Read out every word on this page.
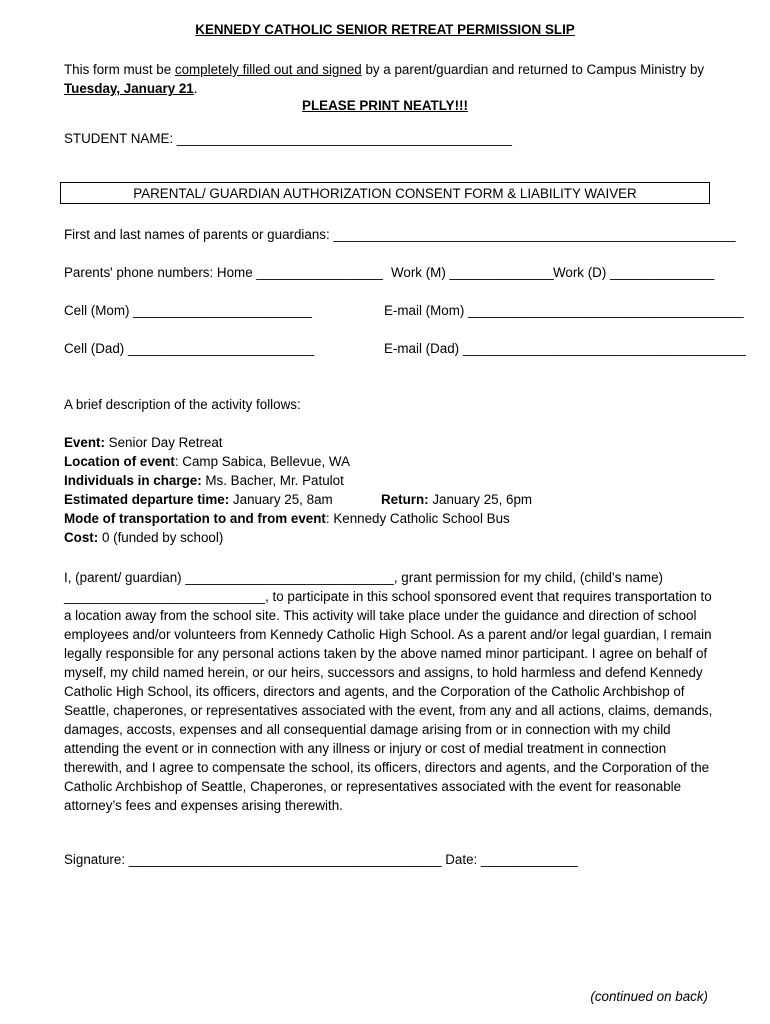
KENNEDY CATHOLIC SENIOR RETREAT PERMISSION SLIP
This form must be completely filled out and signed by a parent/guardian and returned to Campus Ministry by Tuesday, January 21.
PLEASE PRINT NEATLY!!!
STUDENT NAME: _____________________________________________
PARENTAL/ GUARDIAN AUTHORIZATION CONSENT FORM & LIABILITY WAIVER
First and last names of parents or guardians: ______________________________________________________
Parents' phone numbers: Home _________________ Work (M) ______________ Work (D) ______________
Cell (Mom) ________________________	E-mail (Mom) _____________________________________
Cell (Dad) _________________________	E-mail (Dad) ______________________________________
A brief description of the activity follows:
Event: Senior Day Retreat
Location of event: Camp Sabica, Bellevue, WA
Individuals in charge: Ms. Bacher, Mr. Patulot
Estimated departure time: January 25, 8am	Return: January 25, 6pm
Mode of transportation to and from event: Kennedy Catholic School Bus
Cost: 0 (funded by school)
I, (parent/ guardian) ____________________________, grant permission for my child, (child’s name) ___________________________, to participate in this school sponsored event that requires transportation to a location away from the school site. This activity will take place under the guidance and direction of school employees and/or volunteers from Kennedy Catholic High School. As a parent and/or legal guardian, I remain legally responsible for any personal actions taken by the above named minor participant. I agree on behalf of myself, my child named herein, or our heirs, successors and assigns, to hold harmless and defend Kennedy Catholic High School, its officers, directors and agents, and the Corporation of the Catholic Archbishop of Seattle, chaperones, or representatives associated with the event, from any and all actions, claims, demands, damages, accosts, expenses and all consequential damage arising from or in connection with my child attending the event or in connection with any illness or injury or cost of medial treatment in connection therewith, and I agree to compensate the school, its officers, directors and agents, and the Corporation of the Catholic Archbishop of Seattle, Chaperones, or representatives associated with the event for reasonable attorney’s fees and expenses arising therewith.
Signature: __________________________________________ Date: _____________
(continued on back)
